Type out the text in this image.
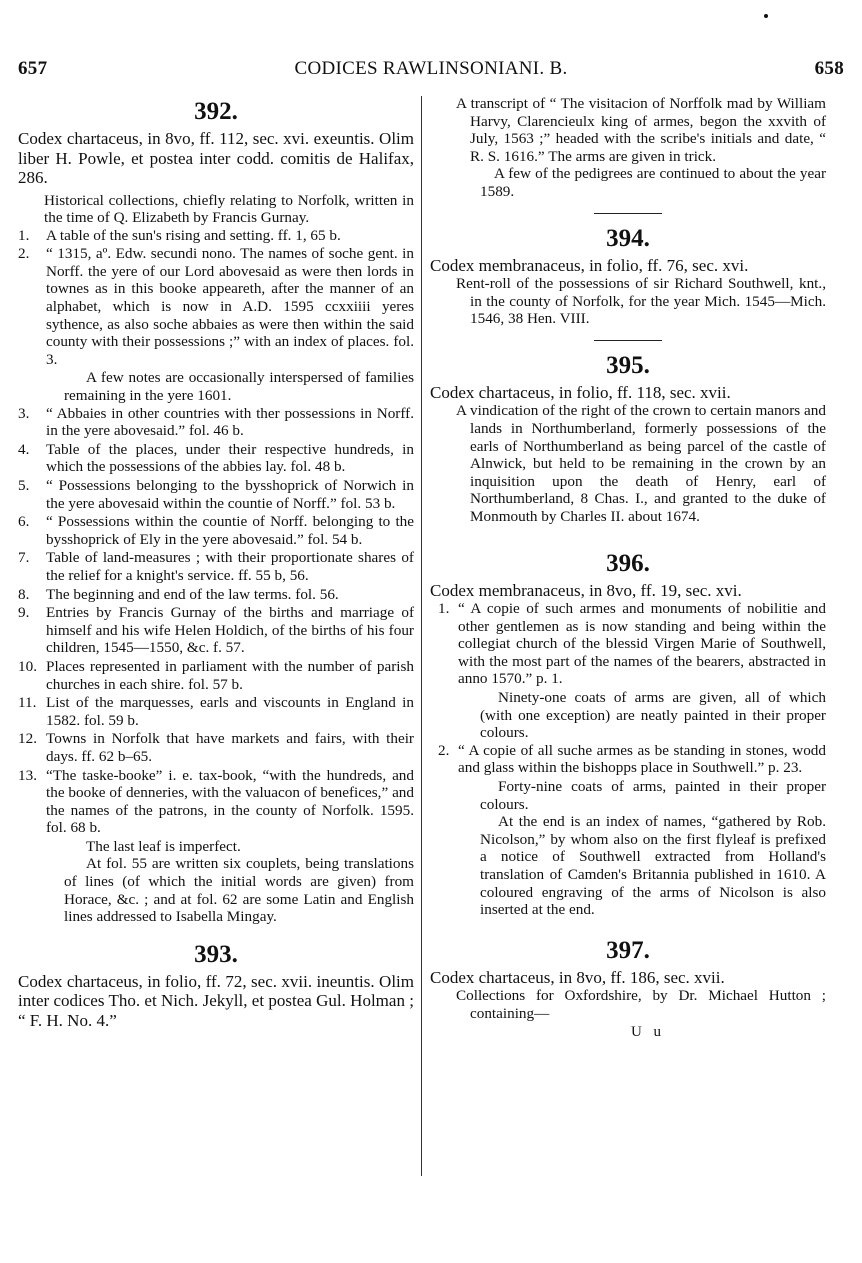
657	CODICES RAWLINSONIANI. B.	658
392.
Codex chartaceus, in 8vo, ff. 112, sec. xvi. exeuntis. Olim liber H. Powle, et postea inter codd. comitis de Halifax, 286.
Historical collections, chiefly relating to Norfolk, written in the time of Q. Elizabeth by Francis Gurnay.
1.	A table of the sun's rising and setting. ff. 1, 65 b.
2.	“ 1315, aº. Edw. secundi nono. The names of soche gent. in Norff. the yere of our Lord abovesaid as were then lords in townes as in this booke appeareth, after the manner of an alphabet, which is now in A.D. 1595 ccxxiiii yeres sythence, as also soche abbaies as were then within the said county with their possessions ;” with an index of places. fol. 3.
A few notes are occasionally interspersed of families remaining in the yere 1601.
3.	“ Abbaies in other countries with ther possessions in Norff. in the yere abovesaid.” fol. 46 b.
4.	Table of the places, under their respective hundreds, in which the possessions of the abbies lay. fol. 48 b.
5.	“ Possessions belonging to the bysshoprick of Norwich in the yere abovesaid within the countie of Norff.” fol. 53 b.
6.	“ Possessions within the countie of Norff. belonging to the bysshoprick of Ely in the yere abovesaid.” fol. 54 b.
7.	Table of land-measures ; with their proportionate shares of the relief for a knight's service. ff. 55 b, 56.
8.	The beginning and end of the law terms. fol. 56.
9.	Entries by Francis Gurnay of the births and marriage of himself and his wife Helen Holdich, of the births of his four children, 1545—1550, &c. f. 57.
10. Places represented in parliament with the number of parish churches in each shire. fol. 57 b.
11. List of the marquesses, earls and viscounts in England in 1582. fol. 59 b.
12. Towns in Norfolk that have markets and fairs, with their days. ff. 62 b–65.
13. “The taske-booke” i. e. tax-book, “with the hundreds, and the booke of denneries, with the valuacon of benefices,” and the names of the patrons, in the county of Norfolk. 1595. fol. 68 b.
The last leaf is imperfect.
At fol. 55 are written six couplets, being translations of lines (of which the initial words are given) from Horace, &c. ; and at fol. 62 are some Latin and English lines addressed to Isabella Mingay.
393.
Codex chartaceus, in folio, ff. 72, sec. xvii. ineuntis. Olim inter codices Tho. et Nich. Jekyll, et postea Gul. Holman ; “ F. H. No. 4.”
A transcript of “ The visitacion of Norffolk mad by William Harvy, Clarencieulx king of armes, begon the xxvith of July, 1563 ;” headed with the scribe's initials and date, “ R. S. 1616.” The arms are given in trick.
A few of the pedigrees are continued to about the year 1589.
394.
Codex membranaceus, in folio, ff. 76, sec. xvi.
Rent-roll of the possessions of sir Richard Southwell, knt., in the county of Norfolk, for the year Mich. 1545—Mich. 1546, 38 Hen. VIII.
395.
Codex chartaceus, in folio, ff. 118, sec. xvii.
A vindication of the right of the crown to certain manors and lands in Northumberland, formerly possessions of the earls of Northumberland as being parcel of the castle of Alnwick, but held to be remaining in the crown by an inquisition upon the death of Henry, earl of Northumberland, 8 Chas. I., and granted to the duke of Monmouth by Charles II. about 1674.
396.
Codex membranaceus, in 8vo, ff. 19, sec. xvi.
1. “ A copie of such armes and monuments of nobilitie and other gentlemen as is now standing and being within the collegiat church of the blessid Virgen Marie of Southwell, with the most part of the names of the bearers, abstracted in anno 1570.” p. 1.
Ninety-one coats of arms are given, all of which (with one exception) are neatly painted in their proper colours.
2. “ A copie of all suche armes as be standing in stones, wodd and glass within the bishopps place in Southwell.” p. 23.
Forty-nine coats of arms, painted in their proper colours.
At the end is an index of names, “gathered by Rob. Nicolson,” by whom also on the first flyleaf is prefixed a notice of Southwell extracted from Holland's translation of Camden's Britannia published in 1610. A coloured engraving of the arms of Nicolson is also inserted at the end.
397.
Codex chartaceus, in 8vo, ff. 186, sec. xvii.
Collections for Oxfordshire, by Dr. Michael Hutton ; containing—
U u
